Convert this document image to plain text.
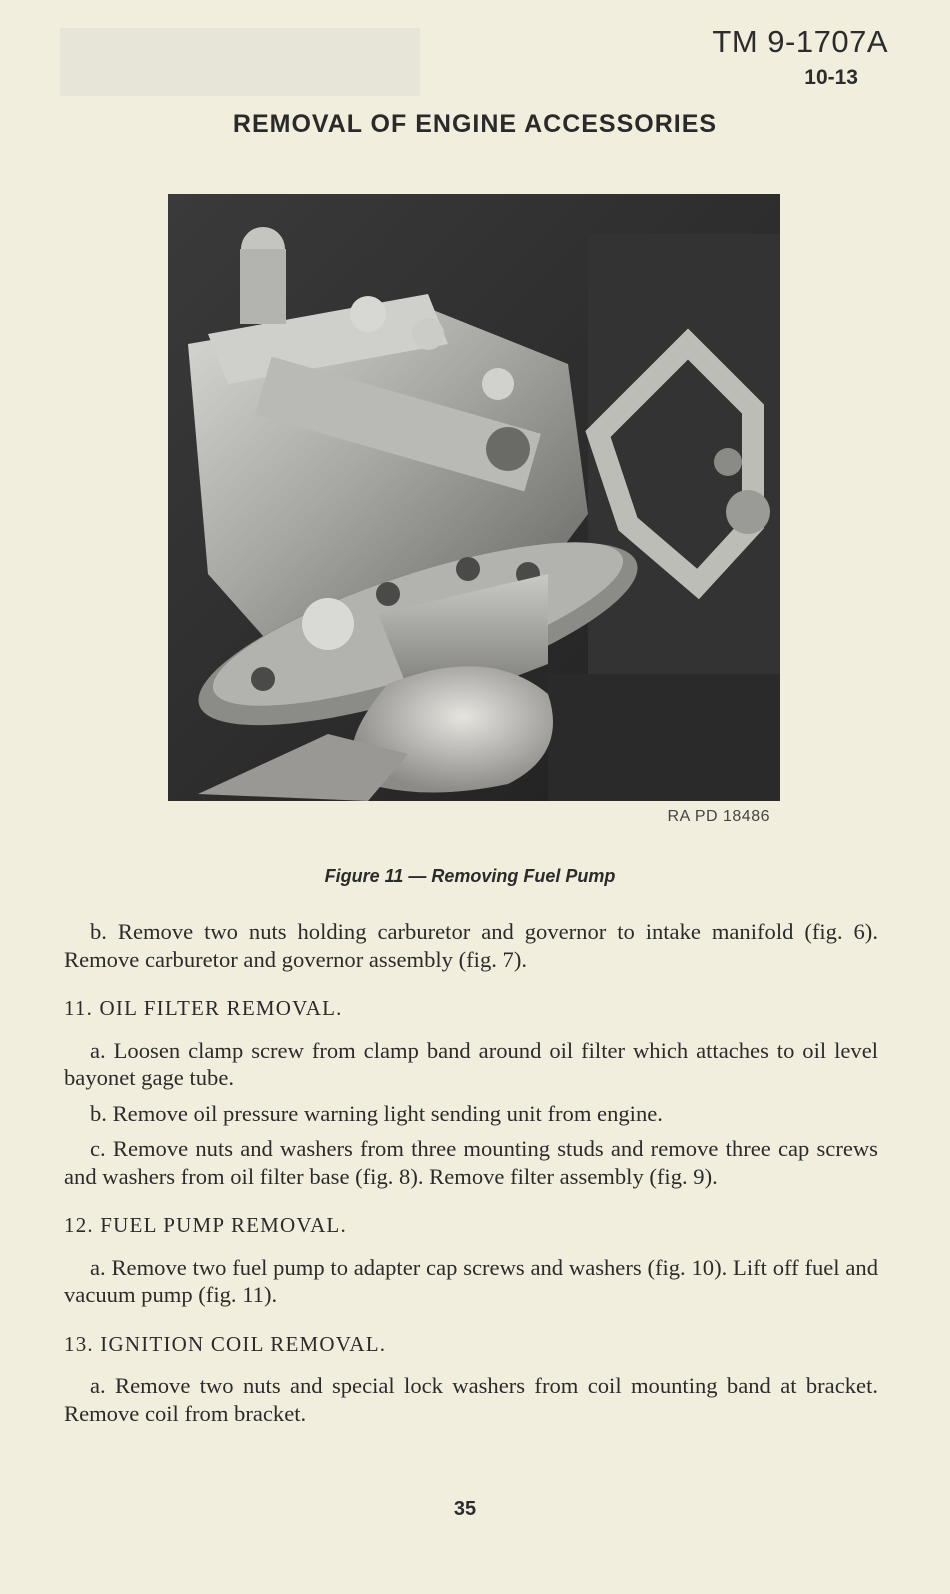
TM 9-1707A
10-13
REMOVAL OF ENGINE ACCESSORIES
RA PD 18486
Figure 11 — Removing Fuel Pump

b. Remove two nuts holding carburetor and governor to intake manifold (fig. 6). Remove carburetor and governor assembly (fig. 7).

11. OIL FILTER REMOVAL.

a. Loosen clamp screw from clamp band around oil filter which attaches to oil level bayonet gage tube.

b. Remove oil pressure warning light sending unit from engine.

c. Remove nuts and washers from three mounting studs and remove three cap screws and washers from oil filter base (fig. 8). Remove filter assembly (fig. 9).

12. FUEL PUMP REMOVAL.

a. Remove two fuel pump to adapter cap screws and washers (fig. 10). Lift off fuel and vacuum pump (fig. 11).

13. IGNITION COIL REMOVAL.

a. Remove two nuts and special lock washers from coil mounting band at bracket. Remove coil from bracket.

35
